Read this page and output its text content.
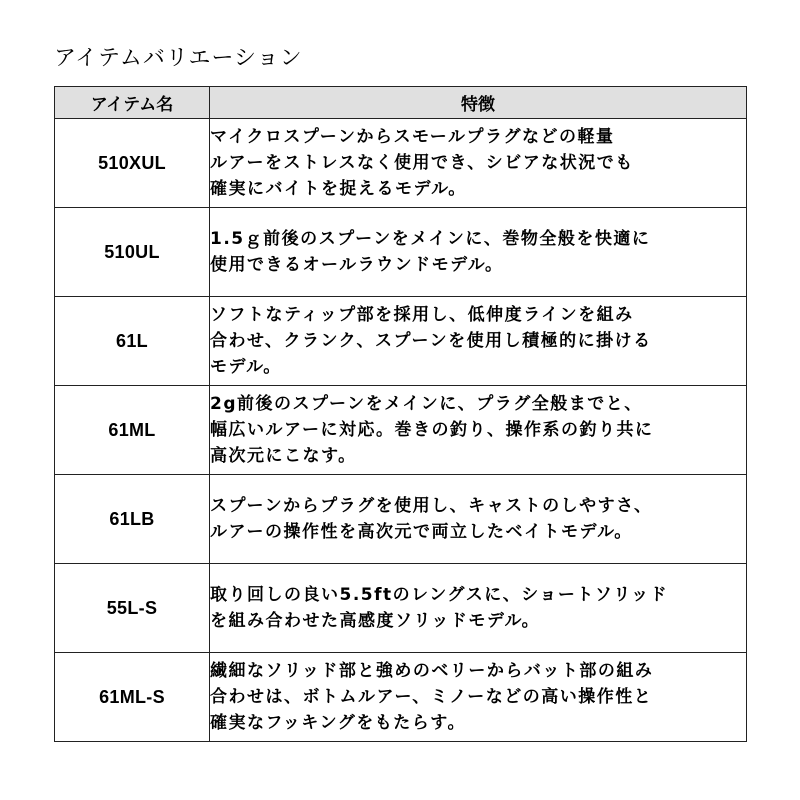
アイテムバリエーション
アイテム名	特徴
510XUL	マイクロスプーンからスモールプラグなどの軽量
ルアーをストレスなく使用でき、シビアな状況でも
確実にバイトを捉えるモデル。

510UL	1.5ｇ前後のスプーンをメインに、巻物全般を快適に
使用できるオールラウンドモデル。

61L	ソフトなティップ部を採用し、低伸度ラインを組み
合わせ、クランク、スプーンを使用し積極的に掛ける
モデル。

61ML	2g前後のスプーンをメインに、プラグ全般までと、
幅広いルアーに対応。巻きの釣り、操作系の釣り共に
高次元にこなす。

61LB	スプーンからプラグを使用し、キャストのしやすさ、
ルアーの操作性を高次元で両立したベイトモデル。

55L-S	取り回しの良い5.5ftのレングスに、ショートソリッド
を組み合わせた高感度ソリッドモデル。

61ML-S	繊細なソリッド部と強めのベリーからバット部の組み
合わせは、ボトムルアー、ミノーなどの高い操作性と
確実なフッキングをもたらす。
